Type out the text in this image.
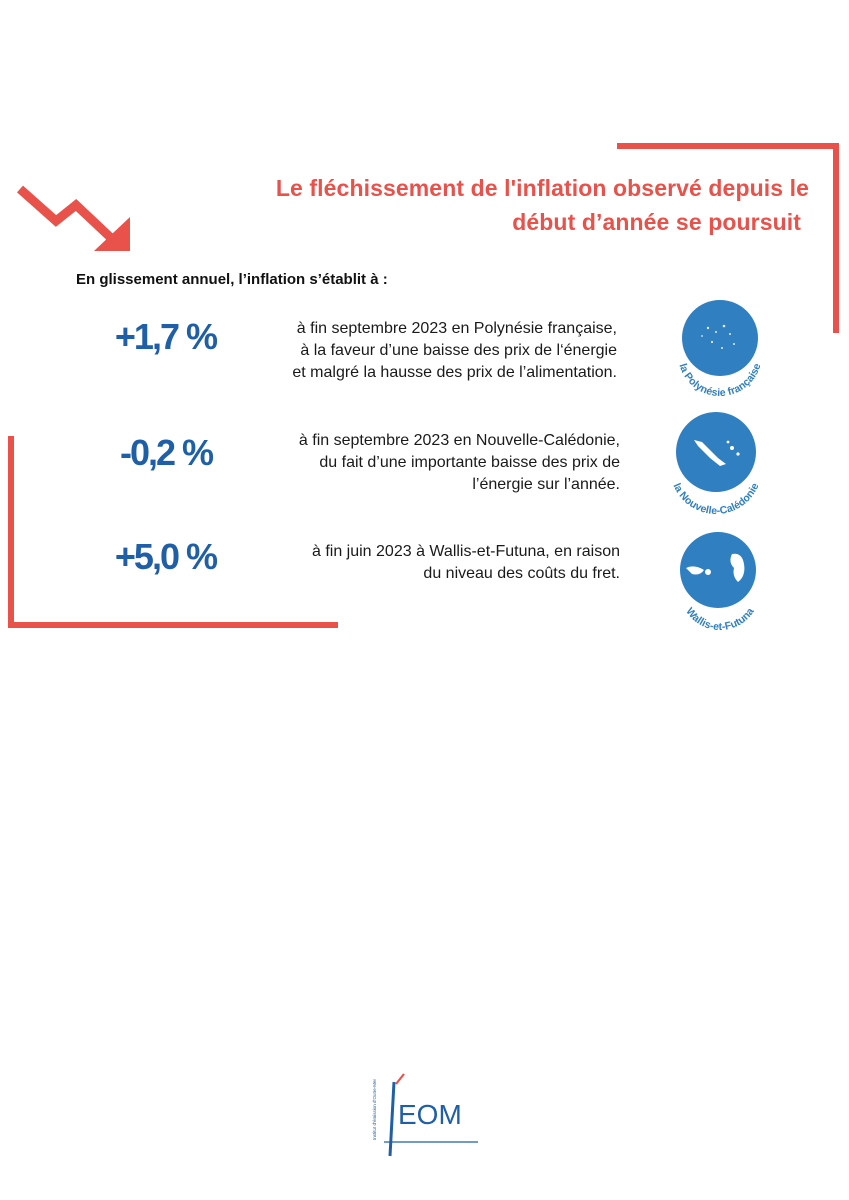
Le fléchissement de l'inflation observé depuis le
début d’année se poursuit
En glissement annuel, l’inflation s’établit à :
+1,7 %	à fin septembre 2023 en Polynésie française,
à la faveur d’une baisse des prix de l‘énergie
et malgré la hausse des prix de l’alimentation.	la Polynésie française
-0,2 %	à fin septembre 2023 en Nouvelle-Calédonie,
du fait d’une importante baisse des prix de
l’énergie sur l’année.	la Nouvelle-Calédonie
+5,0 %	à fin juin 2023 à Wallis-et-Futuna, en raison
du niveau des coûts du fret.
Wallis-et-Futuna
Institut d’émission d’Outre-Mer EOM
